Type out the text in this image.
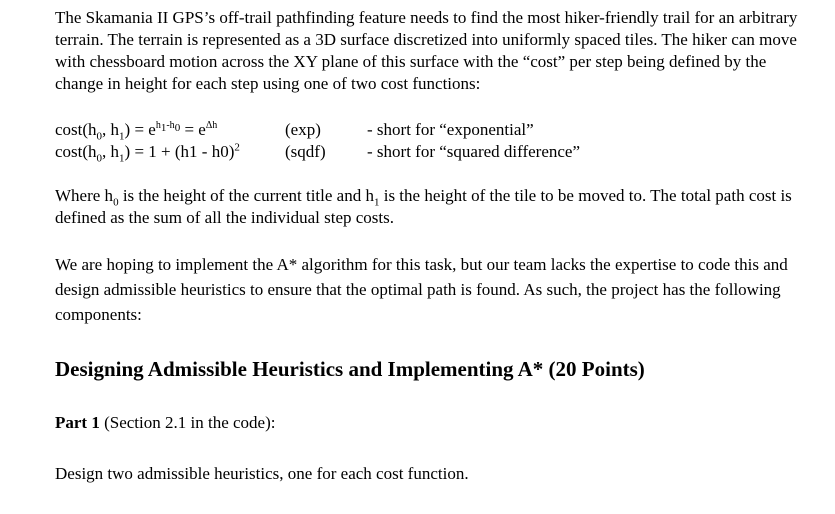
The Skamania II GPS’s off-trail pathfinding feature needs to find the most hiker-friendly trail for an arbitrary terrain. The terrain is represented as a 3D surface discretized into uniformly spaced tiles. The hiker can move with chessboard motion across the XY plane of this surface with the “cost” per step being defined by the change in height for each step using one of two cost functions:

$\cos t(h_0$, $h_1) = e^{h_1-h_0} = e^{\Delta h}$	(exp)	- short for “exponential”
$\cos t(h_0$, $h_1) = 1 + (h1 - h0)^2$	(sqdf)	- short for “squared difference”

Where $h_0$ is the height of the current title and $h_1$ is the height of the tile to be moved to. The total path cost is defined as the sum of all the individual step costs.

We are hoping to implement the A* algorithm for this task, but our team lacks the expertise to code this and design admissible heuristics to ensure that the optimal path is found. As such, the project has the following components:

Designing Admissible Heuristics and Implementing A* (20 Points)

Part 1 (Section 2.1 in the code):

Design two admissible heuristics, one for each cost function.
